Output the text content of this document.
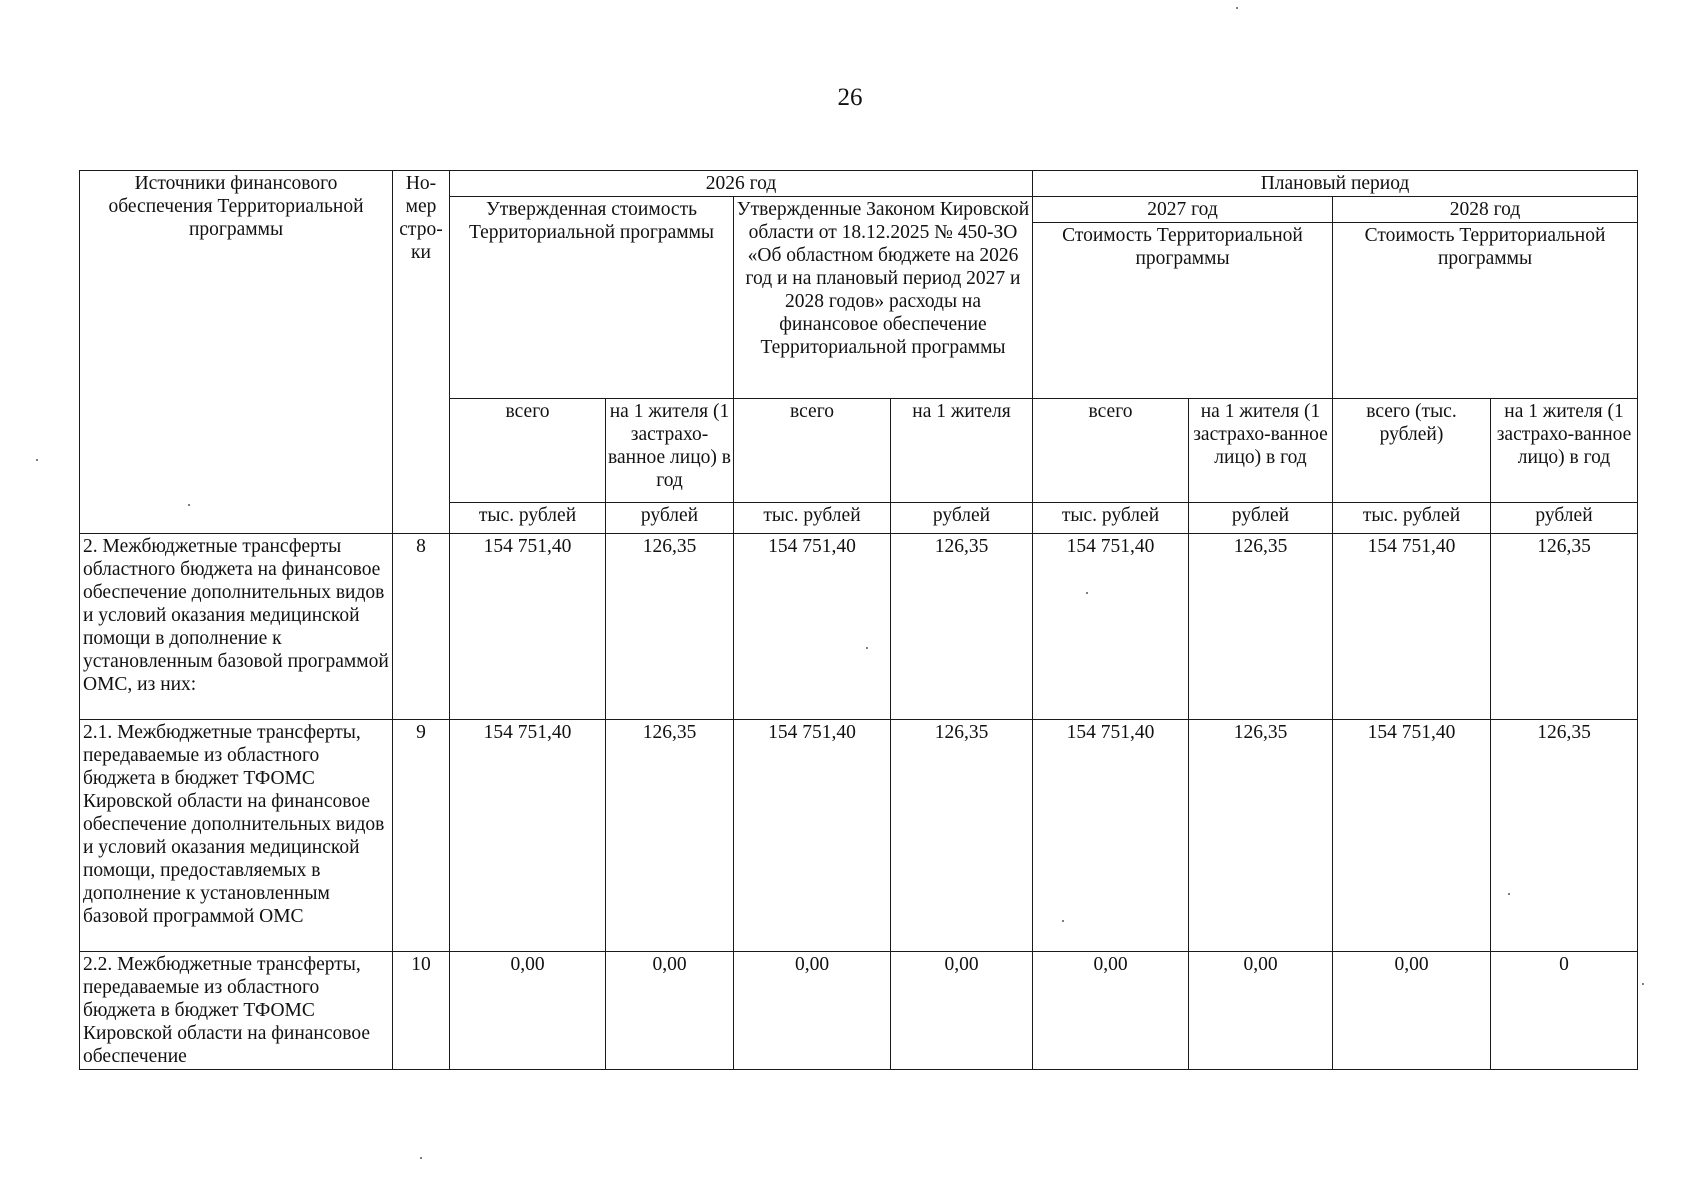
26
Источники финансового обеспечения Территориальной программы	Но-мер стро-ки	2026 год				Плановый период			
		Утвержденная стоимость Территориальной программы		Утвержденные Законом Кировской области от 18.12.2025 № 450-ЗО «Об областном бюджете на 2026 год и на плановый период 2027 и 2028 годов» расходы на финансовое обеспечение Территориальной программы		2027 год		2028 год	
						Стоимость Территориальной программы		Стоимость Территориальной программы	
		всего	на 1 жителя (1 застрахо-ванное лицо) в год	всего	на 1 жителя	всего	на 1 жителя (1 застрахо-ванное лицо) в год	всего (тыс. рублей)	на 1 жителя (1 застрахо-ванное лицо) в год
		тыс. рублей	рублей	тыс. рублей	рублей	тыс. рублей	рублей	тыс. рублей	рублей
2. Межбюджетные трансферты областного бюджета на финансовое обеспечение дополнительных видов и условий оказания медицинской помощи в дополнение к установленным базовой программой ОМС, из них:	8	154 751,40	126,35	154 751,40	126,35	154 751,40	126,35	154 751,40	126,35
2.1. Межбюджетные трансферты, передаваемые из областного бюджета в бюджет ТФОМС Кировской области на финансовое обеспечение дополнительных видов и условий оказания медицинской помощи, предоставляемых в дополнение к установленным базовой программой ОМС	9	154 751,40	126,35	154 751,40	126,35	154 751,40	126,35	154 751,40	126,35
2.2. Межбюджетные трансферты, передаваемые из областного бюджета в бюджет ТФОМС Кировской области на финансовое обеспечение	10	0,00	0,00	0,00	0,00	0,00	0,00	0,00	0
